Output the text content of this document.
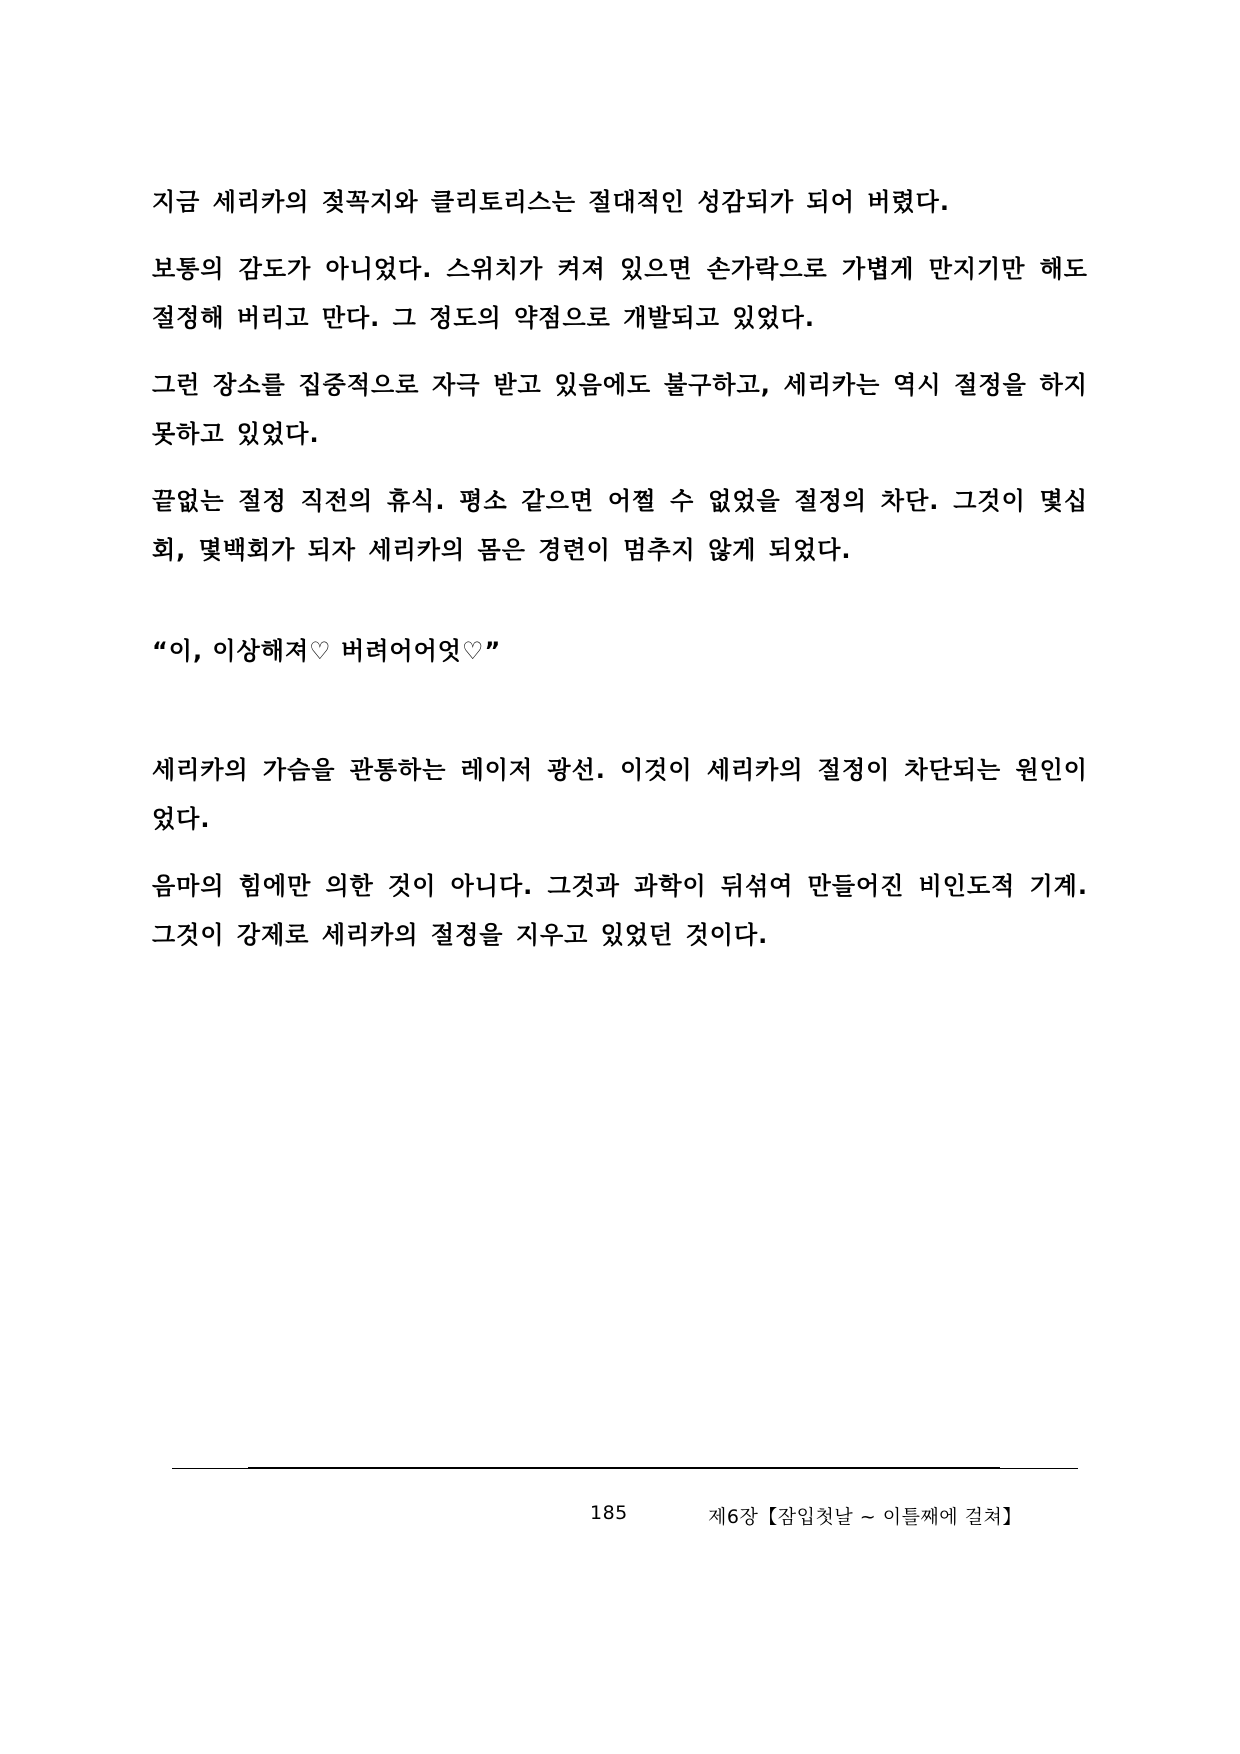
지금 세리카의 젖꼭지와 클리토리스는 절대적인 성감되가 되어 버렸다.

보통의 감도가 아니었다. 스위치가 켜져 있으면 손가락으로 가볍게 만지기만 해도 절정해 버리고 만다. 그 정도의 약점으로 개발되고 있었다.

그런 장소를 집중적으로 자극 받고 있음에도 불구하고, 세리카는 역시 절정을 하지 못하고 있었다.

끝없는 절정 직전의 휴식. 평소 같으면 어쩔 수 없었을 절정의 차단. 그것이 몇십회, 몇백회가 되자 세리카의 몸은 경련이 멈추지 않게 되었다.

“이, 이상해져♡ 버려어어엇♡”

세리카의 가슴을 관통하는 레이저 광선. 이것이 세리카의 절정이 차단되는 원인이었다.

음마의 힘에만 의한 것이 아니다. 그것과 과학이 뒤섞여 만들어진 비인도적 기계. 그것이 강제로 세리카의 절정을 지우고 있었던 것이다.

185	제6장【잠입첫날 ~ 이틀째에 걸쳐】
